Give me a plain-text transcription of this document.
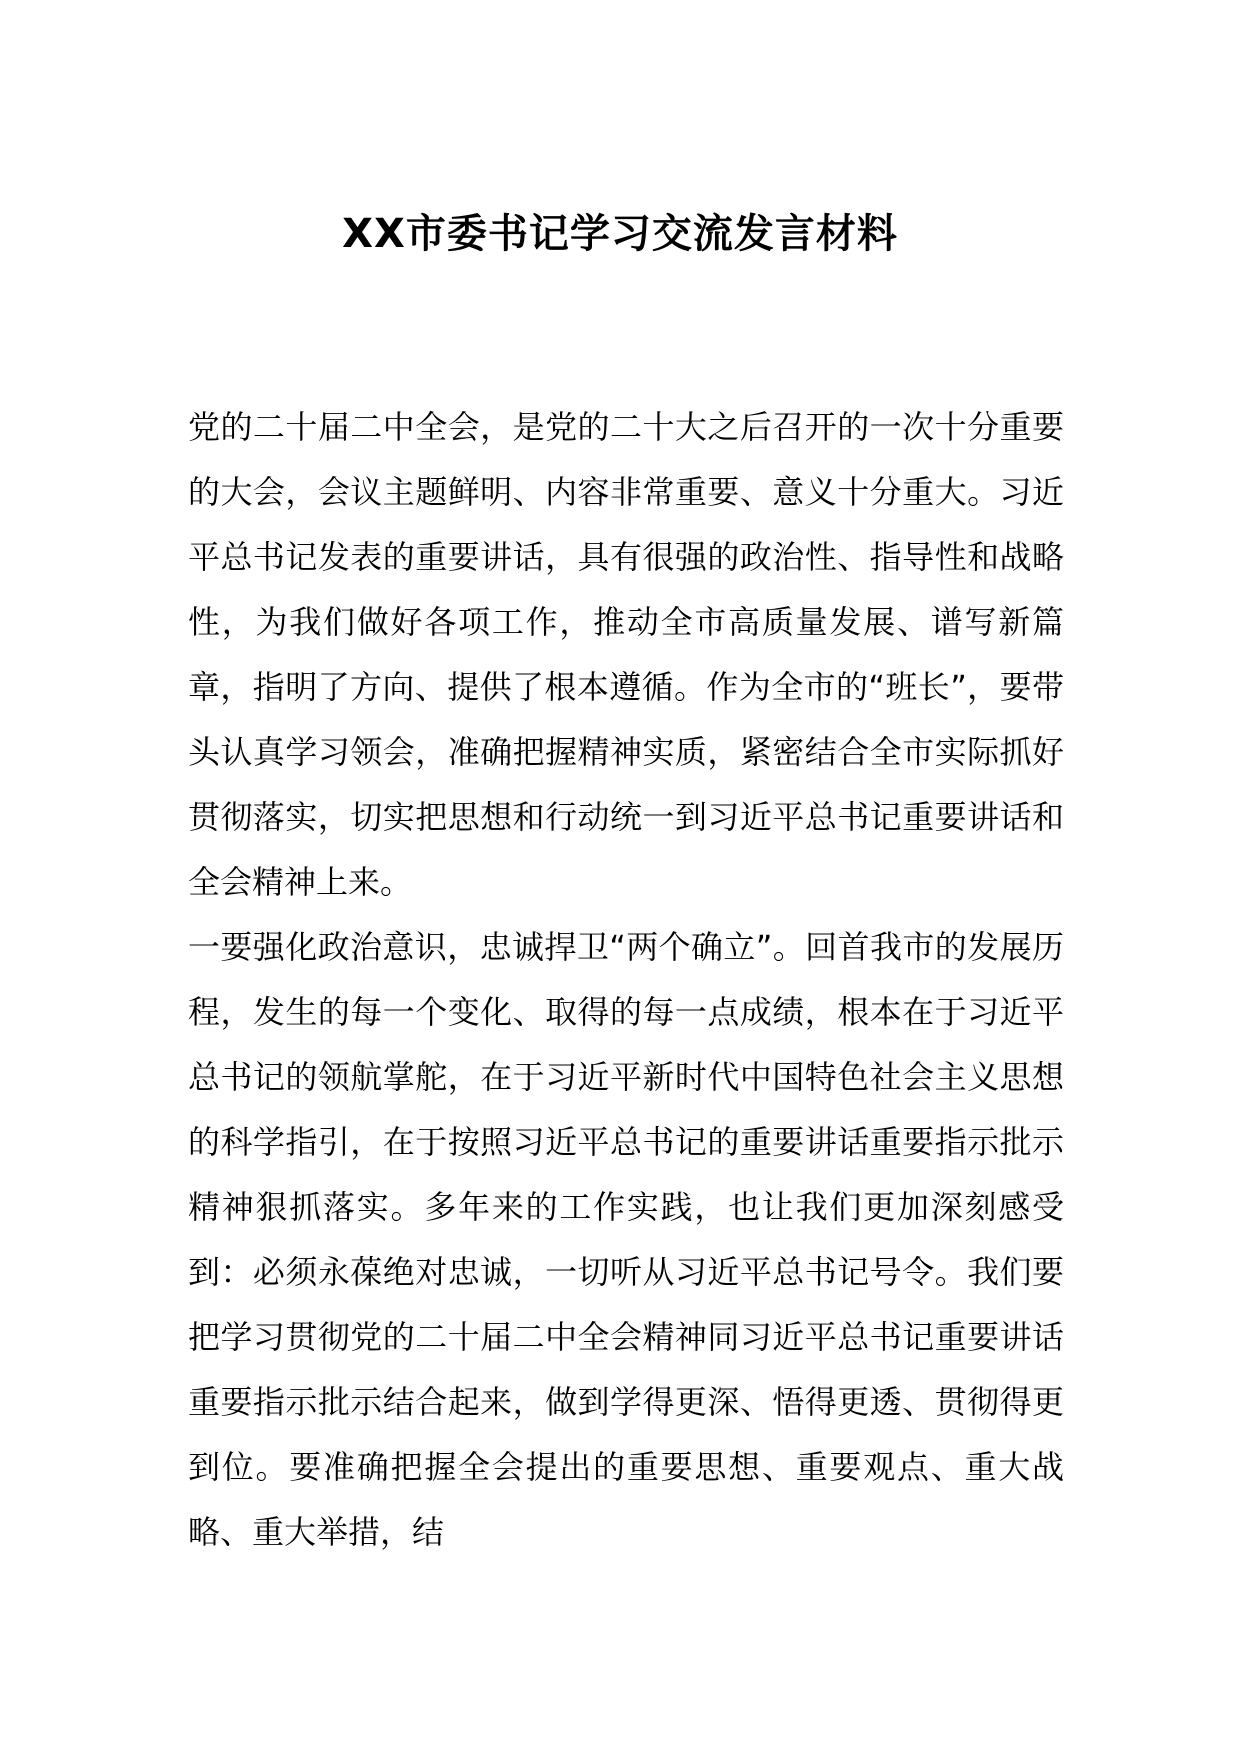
XX市委书记学习交流发言材料

党的二十届二中全会，是党的二十大之后召开的一次十分重要的大会，会议主题鲜明、内容非常重要、意义十分重大。习近平总书记发表的重要讲话，具有很强的政治性、指导性和战略性，为我们做好各项工作，推动全市高质量发展、谱写新篇章，指明了方向、提供了根本遵循。作为全市的“班长”，要带头认真学习领会，准确把握精神实质，紧密结合全市实际抓好贯彻落实，切实把思想和行动统一到习近平总书记重要讲话和全会精神上来。

一要强化政治意识，忠诚捍卫“两个确立”。回首我市的发展历程，发生的每一个变化、取得的每一点成绩，根本在于习近平总书记的领航掌舵，在于习近平新时代中国特色社会主义思想的科学指引，在于按照习近平总书记的重要讲话重要指示批示精神狠抓落实。多年来的工作实践，也让我们更加深刻感受到：必须永葆绝对忠诚，一切听从习近平总书记号令。我们要把学习贯彻党的二十届二中全会精神同习近平总书记重要讲话重要指示批示结合起来，做到学得更深、悟得更透、贯彻得更到位。要准确把握全会提出的重要思想、重要观点、重大战略、重大举措，结
